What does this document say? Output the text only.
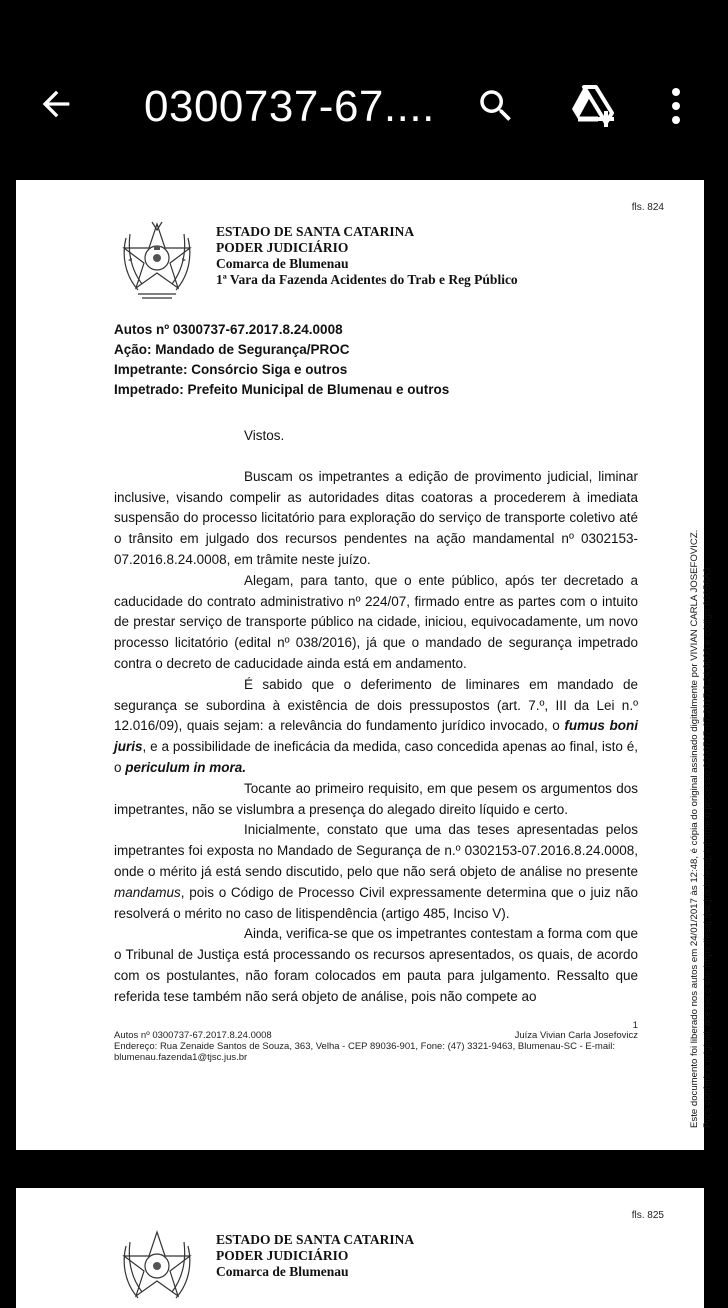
0300737-67....
fls. 824
ESTADO DE SANTA CATARINA
PODER JUDICIÁRIO
Comarca de Blumenau
1ª Vara da Fazenda Acidentes do Trab e Reg Público
Autos nº 0300737-67.2017.8.24.0008
Ação: Mandado de Segurança/PROC
Impetrante: Consórcio Siga e outros
Impetrado: Prefeito Municipal de Blumenau e outros

Vistos.

Buscam os impetrantes a edição de provimento judicial, liminar inclusive, visando compelir as autoridades ditas coatoras a procederem à imediata suspensão do processo licitatório para exploração do serviço de transporte coletivo até o trânsito em julgado dos recursos pendentes na ação mandamental nº 0302153-07.2016.8.24.0008, em trâmite neste juízo.

Alegam, para tanto, que o ente público, após ter decretado a caducidade do contrato administrativo nº 224/07, firmado entre as partes com o intuito de prestar serviço de transporte público na cidade, iniciou, equivocadamente, um novo processo licitatório (edital nº 038/2016), já que o mandado de segurança impetrado contra o decreto de caducidade ainda está em andamento.

É sabido que o deferimento de liminares em mandado de segurança se subordina à existência de dois pressupostos (art. 7.º, III da Lei n.º 12.016/09), quais sejam: a relevância do fundamento jurídico invocado, o fumus boni juris, e a possibilidade de ineficácia da medida, caso concedida apenas ao final, isto é, o periculum in mora.

Tocante ao primeiro requisito, em que pesem os argumentos dos impetrantes, não se vislumbra a presença do alegado direito líquido e certo.

Inicialmente, constato que uma das teses apresentadas pelos impetrantes foi exposta no Mandado de Segurança de n.º 0302153-07.2016.8.24.0008, onde o mérito já está sendo discutido, pelo que não será objeto de análise no presente mandamus, pois o Código de Processo Civil expressamente determina que o juiz não resolverá o mérito no caso de litispendência (artigo 485, Inciso V).

Ainda, verifica-se que os impetrantes contestam a forma com que o Tribunal de Justiça está processando os recursos apresentados, os quais, de acordo com os postulantes, não foram colocados em pauta para julgamento. Ressalto que referida tese também não será objeto de análise, pois não compete ao

1
Autos nº 0300737-67.2017.8.24.0008	Juíza Vivian Carla Josefovicz
Endereço: Rua Zenaide Santos de Souza, 363, Velha - CEP 89036-901, Fone: (47) 3321-9463, Blumenau-SC - E-mail:
blumenau.fazenda1@tjsc.jus.br	Este documento foi liberado nos autos em 24/01/2017 às 12:48, é cópia do original assinado digitalmente por VIVIAN CARLA JOSEFOVICZ. Para conferir o original, acesse o site https://esaj.tjsc.jus.br/esaj, informe o processo 0300737-67.2017.8.24.0008 e código 81056A3.
fls. 825
ESTADO DE SANTA CATARINA
PODER JUDICIÁRIO
Comarca de Blumenau
